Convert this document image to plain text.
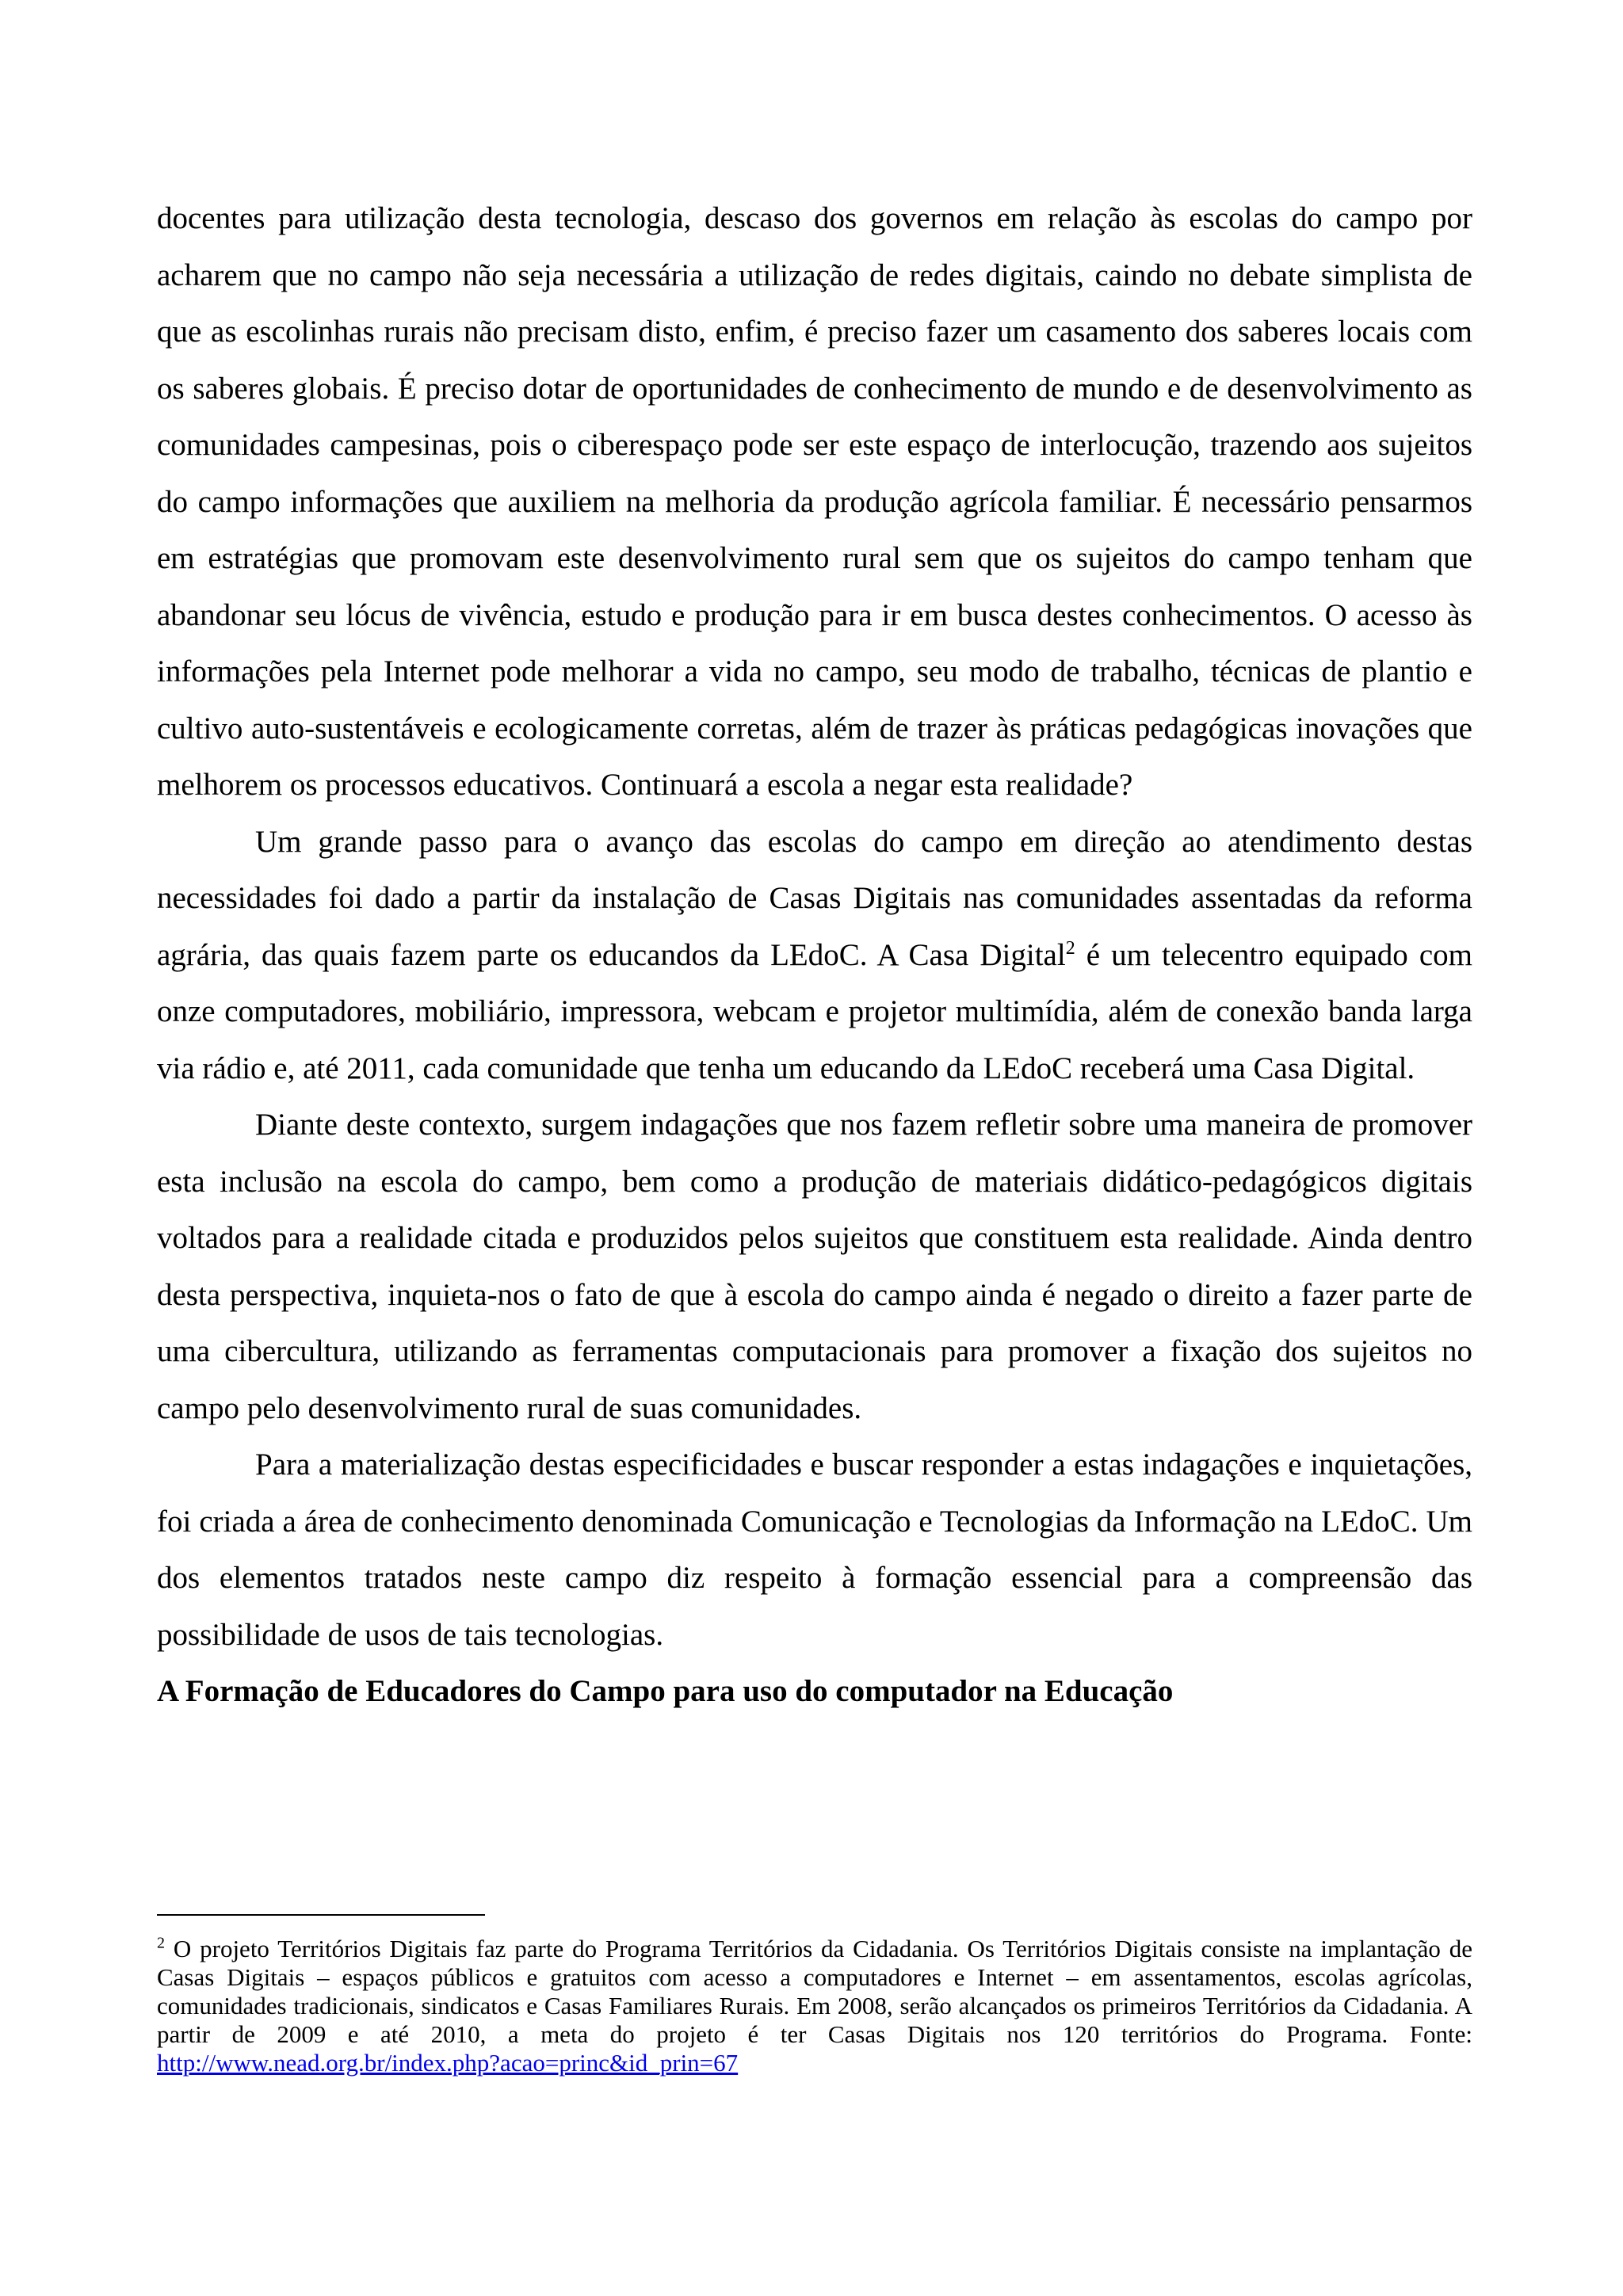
docentes para utilização desta tecnologia, descaso dos governos em relação às escolas do campo por acharem que no campo não seja necessária a utilização de redes digitais, caindo no debate simplista de que as escolinhas rurais não precisam disto, enfim, é preciso fazer um casamento dos saberes locais com os saberes globais. É preciso dotar de oportunidades de conhecimento de mundo e de desenvolvimento as comunidades campesinas, pois o ciberespaço pode ser este espaço de interlocução, trazendo aos sujeitos do campo informações que auxiliem na melhoria da produção agrícola familiar. É necessário pensarmos em estratégias que promovam este desenvolvimento rural sem que os sujeitos do campo tenham que abandonar seu lócus de vivência, estudo e produção para ir em busca destes conhecimentos. O acesso às informações pela Internet pode melhorar a vida no campo, seu modo de trabalho, técnicas de plantio e cultivo auto-sustentáveis e ecologicamente corretas, além de trazer às práticas pedagógicas inovações que melhorem os processos educativos. Continuará a escola a negar esta realidade?

Um grande passo para o avanço das escolas do campo em direção ao atendimento destas necessidades foi dado a partir da instalação de Casas Digitais nas comunidades assentadas da reforma agrária, das quais fazem parte os educandos da LEdoC. A Casa Digital$^2$ é um telecentro equipado com onze computadores, mobiliário, impressora, webcam e projetor multimídia, além de conexão banda larga via rádio e, até 2011, cada comunidade que tenha um educando da LEdoC receberá uma Casa Digital.

Diante deste contexto, surgem indagações que nos fazem refletir sobre uma maneira de promover esta inclusão na escola do campo, bem como a produção de materiais didático-pedagógicos digitais voltados para a realidade citada e produzidos pelos sujeitos que constituem esta realidade. Ainda dentro desta perspectiva, inquieta-nos o fato de que à escola do campo ainda é negado o direito a fazer parte de uma cibercultura, utilizando as ferramentas computacionais para promover a fixação dos sujeitos no campo pelo desenvolvimento rural de suas comunidades.

Para a materialização destas especificidades e buscar responder a estas indagações e inquietações, foi criada a área de conhecimento denominada Comunicação e Tecnologias da Informação na LEdoC. Um dos elementos tratados neste campo diz respeito à formação essencial para a compreensão das possibilidade de usos de tais tecnologias.

A Formação de Educadores do Campo para uso do computador na Educação

$^2$ O projeto Territórios Digitais faz parte do Programa Territórios da Cidadania. Os Territórios Digitais consiste na implantação de Casas Digitais – espaços públicos e gratuitos com acesso a computadores e Internet – em assentamentos, escolas agrícolas, comunidades tradicionais, sindicatos e Casas Familiares Rurais. Em 2008, serão alcançados os primeiros Territórios da Cidadania. A partir de 2009 e até 2010, a meta do projeto é ter Casas Digitais nos 120 territórios do Programa. Fonte: http://www.nead.org.br/index.php?acao=princ&id_prin=67
